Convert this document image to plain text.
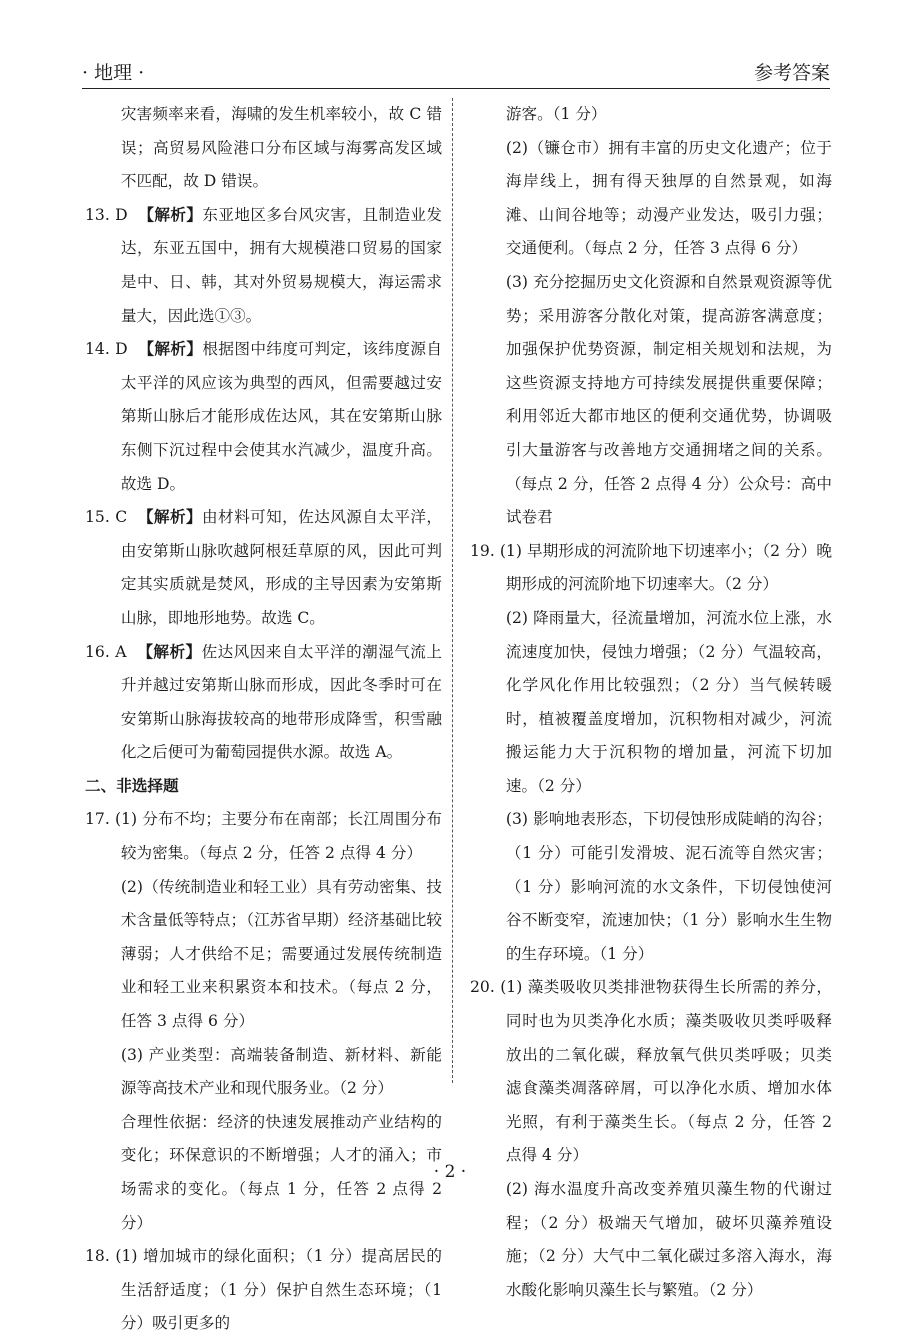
· 地理 ·	参考答案

灾害频率来看，海啸的发生机率较小，故 C 错误；高贸易风险港口分布区域与海雾高发区域不匹配，故 D 错误。

13. D 【解析】东亚地区多台风灾害，且制造业发达，东亚五国中，拥有大规模港口贸易的国家是中、日、韩，其对外贸易规模大，海运需求量大，因此选①③。

14. D 【解析】根据图中纬度可判定，该纬度源自太平洋的风应该为典型的西风，但需要越过安第斯山脉后才能形成佐达风，其在安第斯山脉东侧下沉过程中会使其水汽减少，温度升高。故选 D。

15. C 【解析】由材料可知，佐达风源自太平洋，由安第斯山脉吹越阿根廷草原的风，因此可判定其实质就是焚风，形成的主导因素为安第斯山脉，即地形地势。故选 C。

16. A 【解析】佐达风因来自太平洋的潮湿气流上升并越过安第斯山脉而形成，因此冬季时可在安第斯山脉海拔较高的地带形成降雪，积雪融化之后便可为葡萄园提供水源。故选 A。

二、非选择题

17. (1) 分布不均；主要分布在南部；长江周围分布较为密集。（每点 2 分，任答 2 点得 4 分）

(2)（传统制造业和轻工业）具有劳动密集、技术含量低等特点；（江苏省早期）经济基础比较薄弱；人才供给不足；需要通过发展传统制造业和轻工业来积累资本和技术。（每点 2 分，任答 3 点得 6 分）

(3) 产业类型：高端装备制造、新材料、新能源等高技术产业和现代服务业。（2 分）

合理性依据：经济的快速发展推动产业结构的变化；环保意识的不断增强；人才的涌入；市场需求的变化。（每点 1 分，任答 2 点得 2 分）

18. (1) 增加城市的绿化面积；（1 分）提高居民的生活舒适度；（1 分）保护自然生态环境；（1 分）吸引更多的

游客。（1 分）

(2)（镰仓市）拥有丰富的历史文化遗产；位于海岸线上，拥有得天独厚的自然景观，如海滩、山间谷地等；动漫产业发达，吸引力强；交通便利。（每点 2 分，任答 3 点得 6 分）

(3) 充分挖掘历史文化资源和自然景观资源等优势；采用游客分散化对策，提高游客满意度；加强保护优势资源，制定相关规划和法规，为这些资源支持地方可持续发展提供重要保障；利用邻近大都市地区的便利交通优势，协调吸引大量游客与改善地方交通拥堵之间的关系。（每点 2 分，任答 2 点得 4 分）公众号：高中试卷君

19. (1) 早期形成的河流阶地下切速率小；（2 分）晚期形成的河流阶地下切速率大。（2 分）

(2) 降雨量大，径流量增加，河流水位上涨，水流速度加快，侵蚀力增强；（2 分）气温较高，化学风化作用比较强烈；（2 分）当气候转暖时，植被覆盖度增加，沉积物相对减少，河流搬运能力大于沉积物的增加量，河流下切加速。（2 分）

(3) 影响地表形态，下切侵蚀形成陡峭的沟谷；（1 分）可能引发滑坡、泥石流等自然灾害；（1 分）影响河流的水文条件，下切侵蚀使河谷不断变窄，流速加快；（1 分）影响水生生物的生存环境。（1 分）

20. (1) 藻类吸收贝类排泄物获得生长所需的养分，同时也为贝类净化水质；藻类吸收贝类呼吸释放出的二氧化碳，释放氧气供贝类呼吸；贝类滤食藻类凋落碎屑，可以净化水质、增加水体光照，有利于藻类生长。（每点 2 分，任答 2 点得 4 分）

(2) 海水温度升高改变养殖贝藻生物的代谢过程；（2 分）极端天气增加，破坏贝藻养殖设施；（2 分）大气中二氧化碳过多溶入海水，海水酸化影响贝藻生长与繁殖。（2 分）

· 2 ·
